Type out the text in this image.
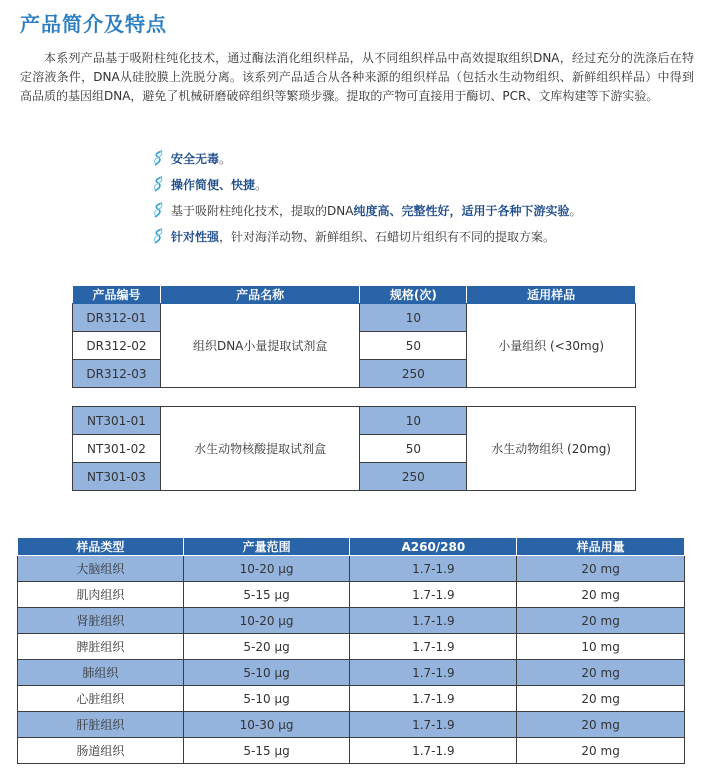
产品简介及特点

本系列产品基于吸附柱纯化技术，通过酶法消化组织样品，从不同组织样品中高效提取组织DNA，经过充分的洗涤后在特定溶液条件，DNA从硅胶膜上洗脱分离。该系列产品适合从各种来源的组织样品（包括水生动物组织、新鲜组织样品）中得到高品质的基因组DNA，避免了机械研磨破碎组织等繁琐步骤。提取的产物可直接用于酶切、PCR、文库构建等下游实验。

安全无毒 。
操作简便、快捷 。
基于吸附柱纯化技术，提取的DNA 纯度高、完整性好，适用于各种下游实验 。
针对性强 ，针对海洋动物、新鲜组织、石蜡切片组织有不同的提取方案。
产品编号	产品名称	规格(次)	适用样品
DR312-01	组织DNA小量提取试剂盒	10	小量组织 (<30mg)
DR312-02		50	
DR312-03		250	
NT301-01	水生动物核酸提取试剂盒	10	水生动物组织 (20mg)
NT301-02		50	
NT301-03		250	
样品类型	产量范围	A260/280	样品用量
大脑组织	10-20 μg	1.7-1.9	20 mg
肌肉组织	5-15 μg	1.7-1.9	20 mg
肾脏组织	10-20 μg	1.7-1.9	20 mg
脾脏组织	5-20 μg	1.7-1.9	10 mg
肺组织	5-10 μg	1.7-1.9	20 mg
心脏组织	5-10 μg	1.7-1.9	20 mg
肝脏组织	10-30 μg	1.7-1.9	20 mg
肠道组织	5-15 μg	1.7-1.9	20 mg
